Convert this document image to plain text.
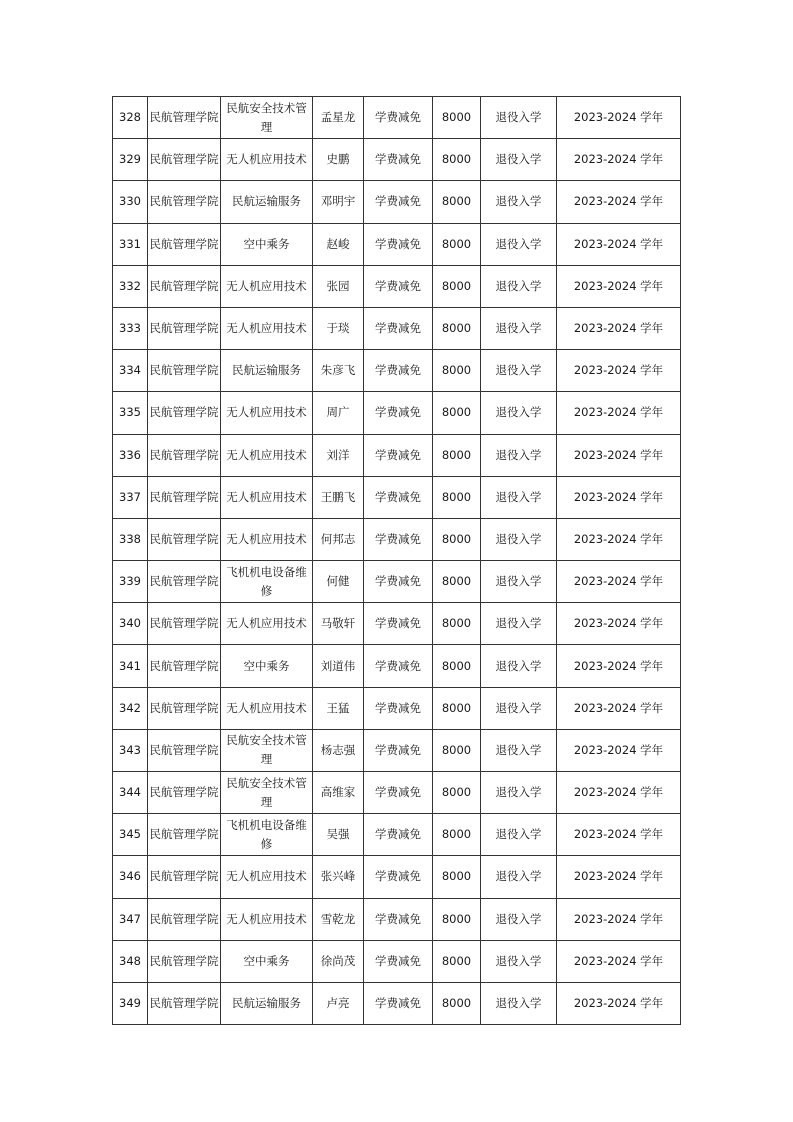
328	民航管理学院	民航安全技术管理	孟星龙	学费减免	8000	退役入学	2023-2024 学年
329	民航管理学院	无人机应用技术	史鹏	学费减免	8000	退役入学	2023-2024 学年
330	民航管理学院	民航运输服务	邓明宇	学费减免	8000	退役入学	2023-2024 学年
331	民航管理学院	空中乘务	赵峻	学费减免	8000	退役入学	2023-2024 学年
332	民航管理学院	无人机应用技术	张园	学费减免	8000	退役入学	2023-2024 学年
333	民航管理学院	无人机应用技术	于琰	学费减免	8000	退役入学	2023-2024 学年
334	民航管理学院	民航运输服务	朱彦飞	学费减免	8000	退役入学	2023-2024 学年
335	民航管理学院	无人机应用技术	周广	学费减免	8000	退役入学	2023-2024 学年
336	民航管理学院	无人机应用技术	刘洋	学费减免	8000	退役入学	2023-2024 学年
337	民航管理学院	无人机应用技术	王鹏飞	学费减免	8000	退役入学	2023-2024 学年
338	民航管理学院	无人机应用技术	何邦志	学费减免	8000	退役入学	2023-2024 学年
339	民航管理学院	飞机机电设备维修	何健	学费减免	8000	退役入学	2023-2024 学年
340	民航管理学院	无人机应用技术	马敬轩	学费减免	8000	退役入学	2023-2024 学年
341	民航管理学院	空中乘务	刘道伟	学费减免	8000	退役入学	2023-2024 学年
342	民航管理学院	无人机应用技术	王猛	学费减免	8000	退役入学	2023-2024 学年
343	民航管理学院	民航安全技术管理	杨志强	学费减免	8000	退役入学	2023-2024 学年
344	民航管理学院	民航安全技术管理	高维家	学费减免	8000	退役入学	2023-2024 学年
345	民航管理学院	飞机机电设备维修	吴强	学费减免	8000	退役入学	2023-2024 学年
346	民航管理学院	无人机应用技术	张兴峰	学费减免	8000	退役入学	2023-2024 学年
347	民航管理学院	无人机应用技术	雪乾龙	学费减免	8000	退役入学	2023-2024 学年
348	民航管理学院	空中乘务	徐尚茂	学费减免	8000	退役入学	2023-2024 学年
349	民航管理学院	民航运输服务	卢亮	学费减免	8000	退役入学	2023-2024 学年
